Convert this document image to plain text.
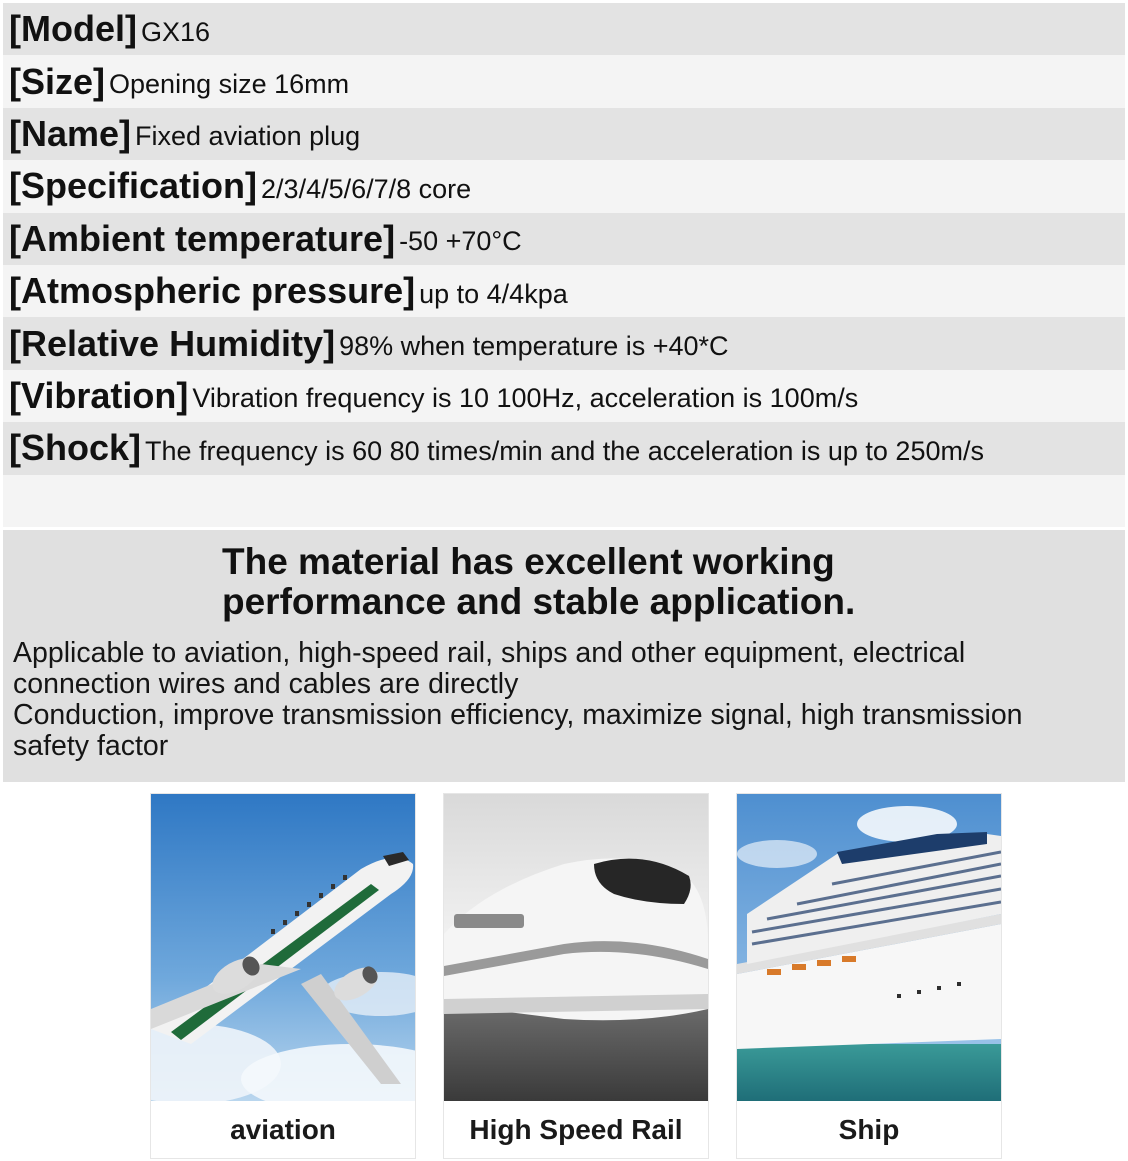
[Model] GX16
[Size] Opening size 16mm
[Name] Fixed aviation plug
[Specification] 2/3/4/5/6/7/8 core
[Ambient temperature] -50 +70°C
[Atmospheric pressure] up to 4/4kpa
[Relative Humidity] 98% when temperature is +40*C
[Vibration] Vibration frequency is 10 100Hz, acceleration is 100m/s
[Shock] The frequency is 60 80 times/min and the acceleration is up to 250m/s
The material has excellent working
performance and stable application.
Applicable to aviation, high-speed rail, ships and other equipment, electrical
connection wires and cables are directly
Conduction, improve transmission efficiency, maximize signal, high transmission
safety factor
aviation	High Speed Rail	Ship
